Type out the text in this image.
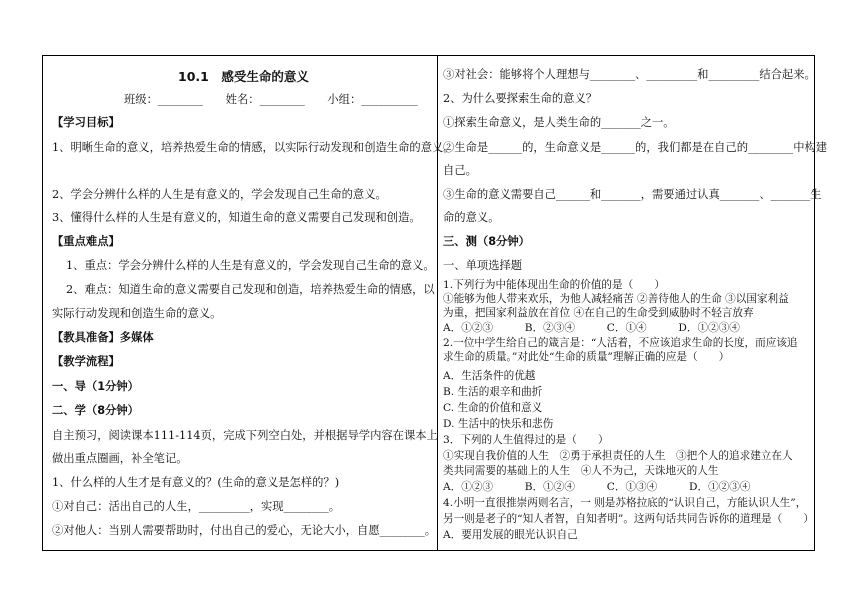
10.1　感受生命的意义
班级：________　　姓名：________　　小组：__________
【学习目标】
1、明晰生命的意义，培养热爱生命的情感，以实际行动发现和创造生命的意义。
2、学会分辨什么样的人生是有意义的，学会发现自己生命的意义。
3、懂得什么样的人生是有意义的，知道生命的意义需要自己发现和创造。
【重点难点】
1、重点：学会分辨什么样的人生是有意义的，学会发现自己生命的意义。
2、难点：知道生命的意义需要自己发现和创造，培养热爱生命的情感，以
实际行动发现和创造生命的意义。
【教具准备】多媒体
【教学流程】
一、导（1分钟）
二、学（8分钟）
自主预习，阅读课本111-114页，完成下列空白处，并根据导学内容在课本上
做出重点圈画，补全笔记。
1、什么样的人生才是有意义的？(生命的意义是怎样的？)
①对自己：活出自己的人生，_________，实现________。
②对他人：当别人需要帮助时，付出自己的爱心，无论大小，自愿________。
③对社会：能够将个人理想与________、_________和_________结合起来。
2、为什么要探索生命的意义？
①探索生命意义，是人类生命的_______之一。
②生命是______的，生命意义是______的，我们都是在自己的________中构建
自己。
③生命的意义需要自己______和_______，需要通过认真_______、_______生
命的意义。
三、测（8分钟）
一、单项选择题
1.下列行为中能体现出生命的价值的是（　　）
①能够为他人带来欢乐，为他人减轻痛苦 ②善待他人的生命 ③以国家利益
为重，把国家利益放在首位 ④在自己的生命受到威胁时不轻言放弃
A．①②③　　　B．②③④　　　C．①④　　　D．①②③④
2.一位中学生给自己的箴言是：“人活着，不应该追求生命的长度，而应该追
求生命的质量。”对此处“生命的质量”理解正确的应是（　　）
A．生活条件的优越
B. 生活的艰辛和曲折
C. 生命的价值和意义
D. 生活中的快乐和悲伤
3．下列的人生值得过的是（　　）
①实现自我价值的人生　②勇于承担责任的人生　③把个人的追求建立在人
类共同需要的基础上的人生　④人不为己，天诛地灭的人生
A．①②③　　　B．①②④　　　C．①③④　　　D．①②③④
4.小明一直很推崇两则名言，一 则是苏格拉底的“认识自己，方能认识人生”，
另一则是老子的“知人者智，自知者明”。这两句话共同告诉你的道理是（　　）
A．要用发展的眼光认识自己
